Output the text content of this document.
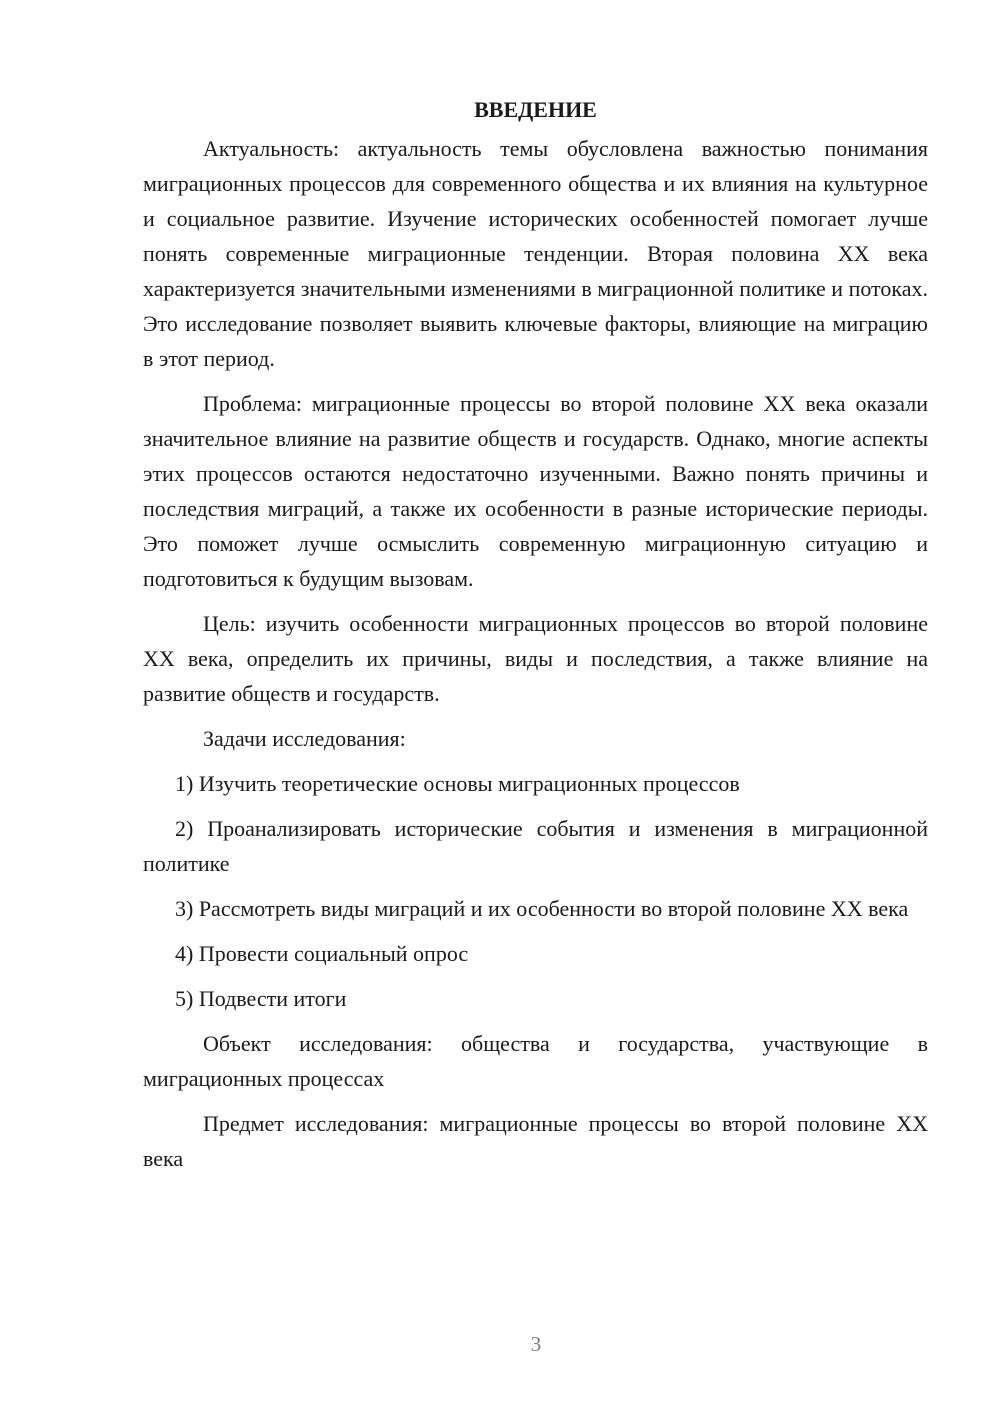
ВВЕДЕНИЕ

Актуальность: актуальность темы обусловлена важностью понимания миграционных процессов для современного общества и их влияния на культурное и социальное развитие. Изучение исторических особенностей помогает лучше понять современные миграционные тенденции. Вторая половина XX века характеризуется значительными изменениями в миграционной политике и потоках. Это исследование позволяет выявить ключевые факторы, влияющие на миграцию в этот период.

Проблема: миграционные процессы во второй половине XX века оказали значительное влияние на развитие обществ и государств. Однако, многие аспекты этих процессов остаются недостаточно изученными. Важно понять причины и последствия миграций, а также их особенности в разные исторические периоды. Это поможет лучше осмыслить современную миграционную ситуацию и подготовиться к будущим вызовам.

Цель: изучить особенности миграционных процессов во второй половине XX века, определить их причины, виды и последствия, а также влияние на развитие обществ и государств.

Задачи исследования:

1) Изучить теоретические основы миграционных процессов

2) Проанализировать исторические события и изменения в миграционной политике

3) Рассмотреть виды миграций и их особенности во второй половине XX века

4) Провести социальный опрос

5) Подвести итоги

Объект исследования: общества и государства, участвующие в миграционных процессах

Предмет исследования: миграционные процессы во второй половине XX века

3
